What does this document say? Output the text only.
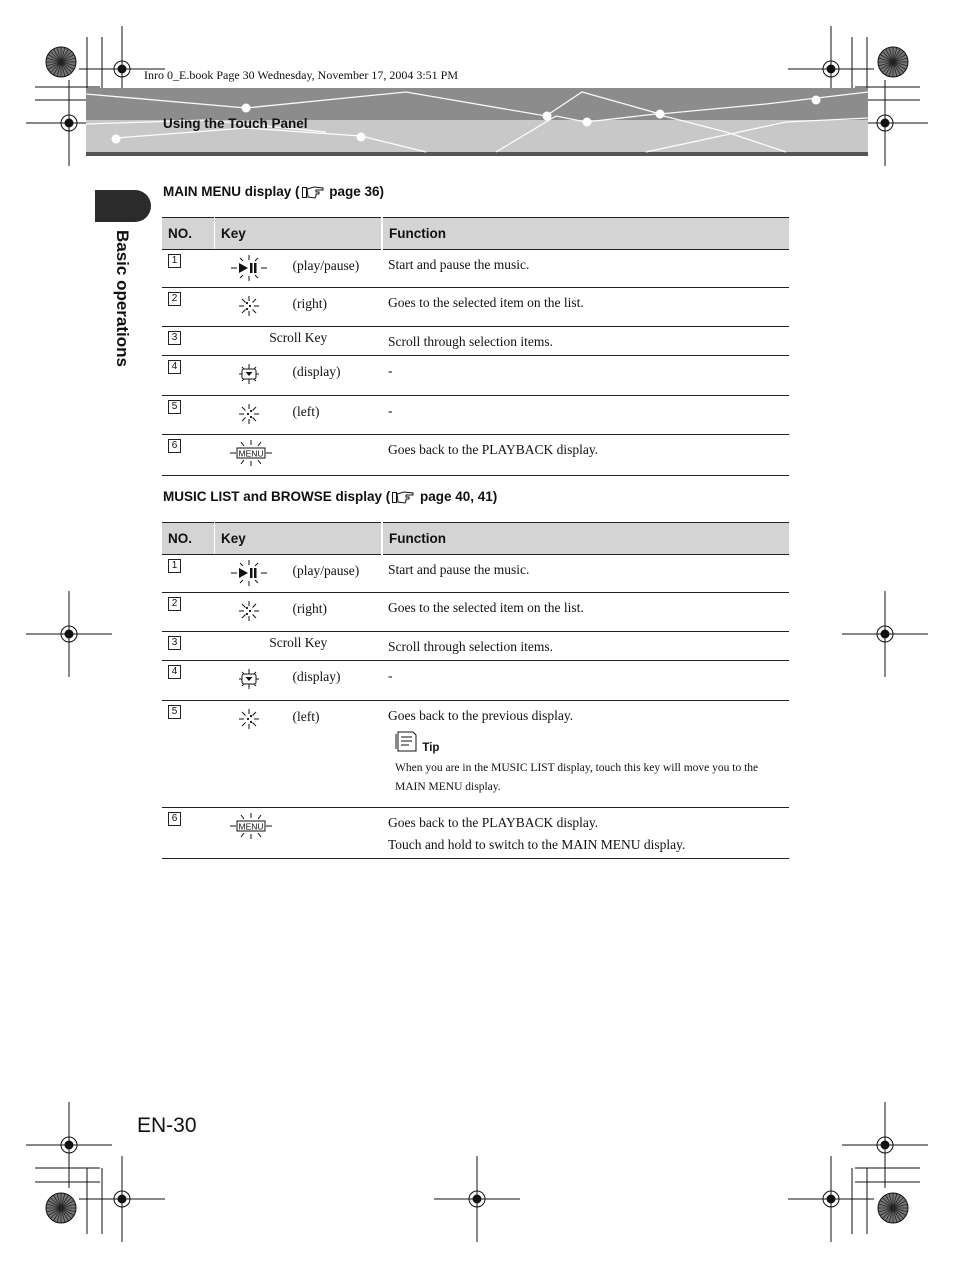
Inro 0_E.book Page 30 Wednesday, November 17, 2004 3:51 PM
Using the Touch Panel
Basic operations
MAIN MENU display ( page 36)
NO.	Key	Function
1	(play/pause)	Start and pause the music.

2	(right)	Goes to the selected item on the list.

3	Scroll Key	Scroll through selection items.

4	(display)	-

5	(left)	-

6	MENU	Goes back to the PLAYBACK display.

MUSIC LIST and BROWSE display ( page 40, 41)
NO.	Key	Function
1	(play/pause)	Start and pause the music.

2	(right)	Goes to the selected item on the list.

3	Scroll Key	Scroll through selection items.

4	(display)	-

5	(left)	Goes back to the previous display.

Tip
When you are in the MUSIC LIST display, touch this key will move you to the MAIN MENU display.

6	MENU	Goes back to the PLAYBACK display.

Touch and hold to switch to the MAIN MENU display.

EN-30
